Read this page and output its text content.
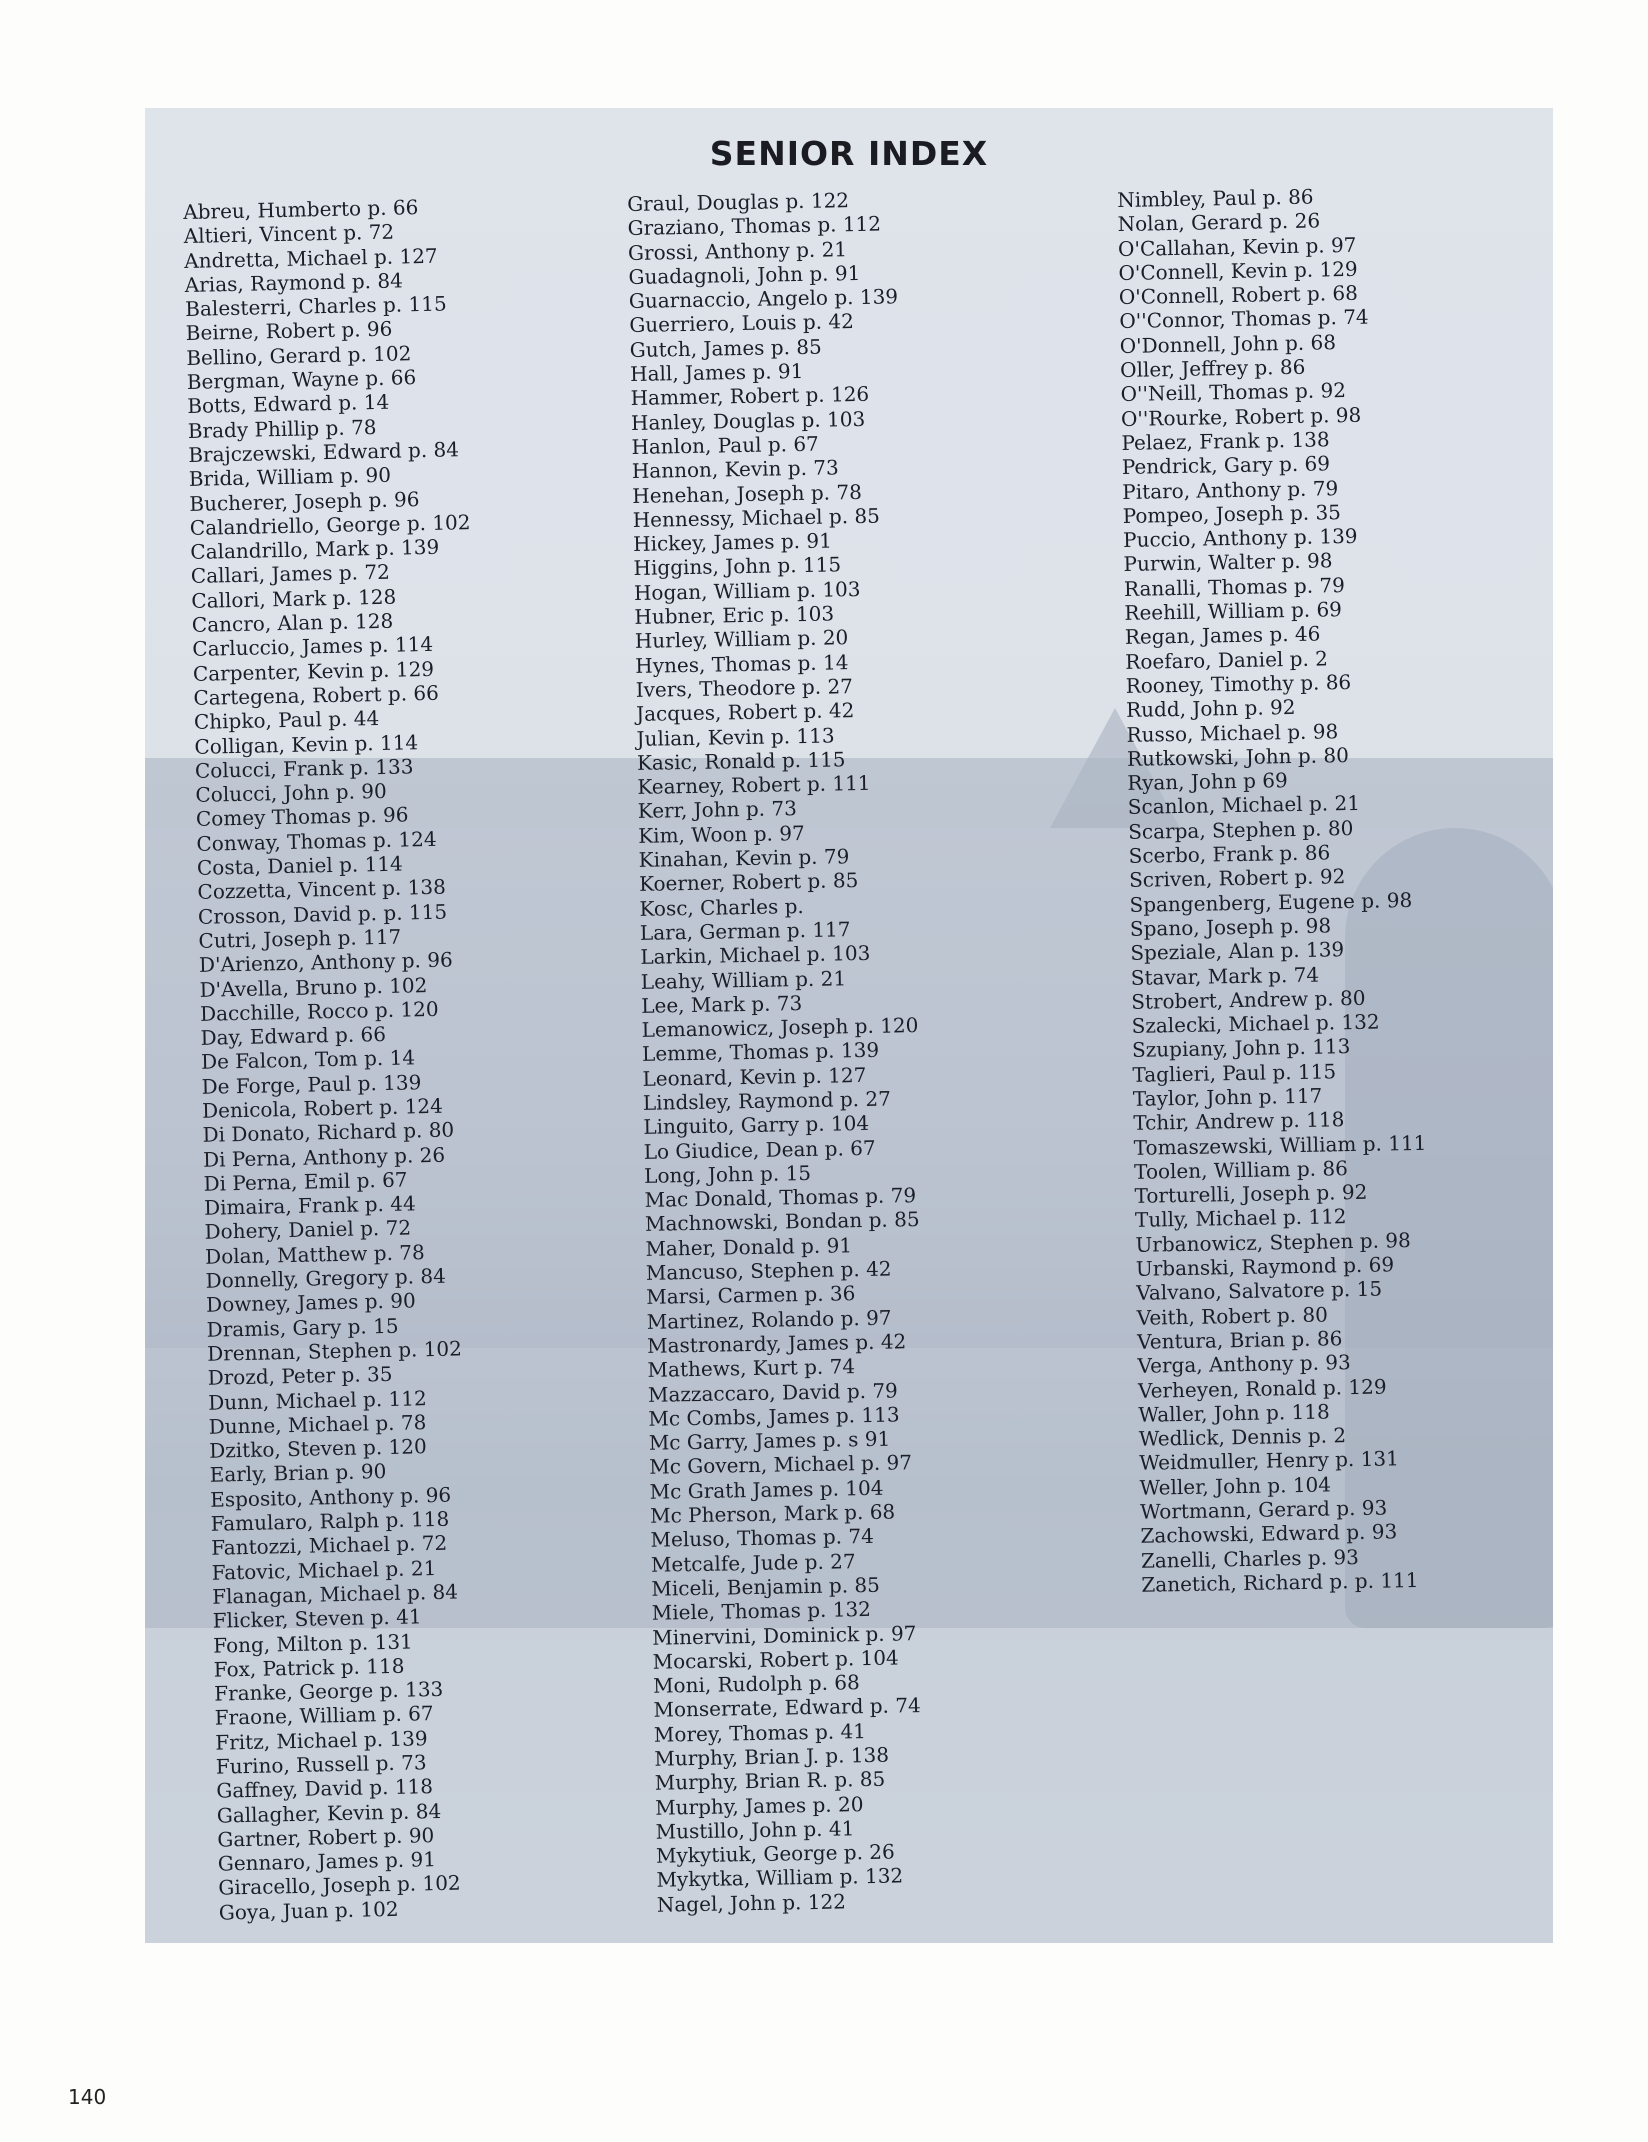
SENIOR INDEX
Abreu, Humberto p. 66
Altieri, Vincent p. 72
Andretta, Michael p. 127
Arias, Raymond p. 84
Balesterri, Charles p. 115
Beirne, Robert p. 96
Bellino, Gerard p. 102
Bergman, Wayne p. 66
Botts, Edward p. 14
Brady Phillip p. 78
Brajczewski, Edward p. 84
Brida, William p. 90
Bucherer, Joseph p. 96
Calandriello, George p. 102
Calandrillo, Mark p. 139
Callari, James p. 72
Callori, Mark p. 128
Cancro, Alan p. 128
Carluccio, James p. 114
Carpenter, Kevin p. 129
Cartegena, Robert p. 66
Chipko, Paul p. 44
Colligan, Kevin p. 114
Colucci, Frank p. 133
Colucci, John p. 90
Comey Thomas p. 96
Conway, Thomas p. 124
Costa, Daniel p. 114
Cozzetta, Vincent p. 138
Crosson, David p. p. 115
Cutri, Joseph p. 117
D'Arienzo, Anthony p. 96
D'Avella, Bruno p. 102
Dacchille, Rocco p. 120
Day, Edward p. 66
De Falcon, Tom p. 14
De Forge, Paul p. 139
Denicola, Robert p. 124
Di Donato, Richard p. 80
Di Perna, Anthony p. 26
Di Perna, Emil p. 67
Dimaira, Frank p. 44
Dohery, Daniel p. 72
Dolan, Matthew p. 78
Donnelly, Gregory p. 84
Downey, James p. 90
Dramis, Gary p. 15
Drennan, Stephen p. 102
Drozd, Peter p. 35
Dunn, Michael p. 112
Dunne, Michael p. 78
Dzitko, Steven p. 120
Early, Brian p. 90
Esposito, Anthony p. 96
Famularo, Ralph p. 118
Fantozzi, Michael p. 72
Fatovic, Michael p. 21
Flanagan, Michael p. 84
Flicker, Steven p. 41
Fong, Milton p. 131
Fox, Patrick p. 118
Franke, George p. 133
Fraone, William p. 67
Fritz, Michael p. 139
Furino, Russell p. 73
Gaffney, David p. 118
Gallagher, Kevin p. 84
Gartner, Robert p. 90
Gennaro, James p. 91
Giracello, Joseph p. 102
Goya, Juan p. 102
Graul, Douglas p. 122
Graziano, Thomas p. 112
Grossi, Anthony p. 21
Guadagnoli, John p. 91
Guarnaccio, Angelo p. 139
Guerriero, Louis p. 42
Gutch, James p. 85
Hall, James p. 91
Hammer, Robert p. 126
Hanley, Douglas p. 103
Hanlon, Paul p. 67
Hannon, Kevin p. 73
Henehan, Joseph p. 78
Hennessy, Michael p. 85
Hickey, James p. 91
Higgins, John p. 115
Hogan, William p. 103
Hubner, Eric p. 103
Hurley, William p. 20
Hynes, Thomas p. 14
Ivers, Theodore p. 27
Jacques, Robert p. 42
Julian, Kevin p. 113
Kasic, Ronald p. 115
Kearney, Robert p. 111
Kerr, John p. 73
Kim, Woon p. 97
Kinahan, Kevin p. 79
Koerner, Robert p. 85
Kosc, Charles p.
Lara, German p. 117
Larkin, Michael p. 103
Leahy, William p. 21
Lee, Mark p. 73
Lemanowicz, Joseph p. 120
Lemme, Thomas p. 139
Leonard, Kevin p. 127
Lindsley, Raymond p. 27
Linguito, Garry p. 104
Lo Giudice, Dean p. 67
Long, John p. 15
Mac Donald, Thomas p. 79
Machnowski, Bondan p. 85
Maher, Donald p. 91
Mancuso, Stephen p. 42
Marsi, Carmen p. 36
Martinez, Rolando p. 97
Mastronardy, James p. 42
Mathews, Kurt p. 74
Mazzaccaro, David p. 79
Mc Combs, James p. 113
Mc Garry, James p. s 91
Mc Govern, Michael p. 97
Mc Grath James p. 104
Mc Pherson, Mark p. 68
Meluso, Thomas p. 74
Metcalfe, Jude p. 27
Miceli, Benjamin p. 85
Miele, Thomas p. 132
Minervini, Dominick p. 97
Mocarski, Robert p. 104
Moni, Rudolph p. 68
Monserrate, Edward p. 74
Morey, Thomas p. 41
Murphy, Brian J. p. 138
Murphy, Brian R. p. 85
Murphy, James p. 20
Mustillo, John p. 41
Mykytiuk, George p. 26
Mykytka, William p. 132
Nagel, John p. 122
Nimbley, Paul p. 86
Nolan, Gerard p. 26
O'Callahan, Kevin p. 97
O'Connell, Kevin p. 129
O'Connell, Robert p. 68
O''Connor, Thomas p. 74
O'Donnell, John p. 68
Oller, Jeffrey p. 86
O''Neill, Thomas p. 92
O''Rourke, Robert p. 98
Pelaez, Frank p. 138
Pendrick, Gary p. 69
Pitaro, Anthony p. 79
Pompeo, Joseph p. 35
Puccio, Anthony p. 139
Purwin, Walter p. 98
Ranalli, Thomas p. 79
Reehill, William p. 69
Regan, James p. 46
Roefaro, Daniel p. 2
Rooney, Timothy p. 86
Rudd, John p. 92
Russo, Michael p. 98
Rutkowski, John p. 80
Ryan, John p 69
Scanlon, Michael p. 21
Scarpa, Stephen p. 80
Scerbo, Frank p. 86
Scriven, Robert p. 92
Spangenberg, Eugene p. 98
Spano, Joseph p. 98
Speziale, Alan p. 139
Stavar, Mark p. 74
Strobert, Andrew p. 80
Szalecki, Michael p. 132
Szupiany, John p. 113
Taglieri, Paul p. 115
Taylor, John p. 117
Tchir, Andrew p. 118
Tomaszewski, William p. 111
Toolen, William p. 86
Torturelli, Joseph p. 92
Tully, Michael p. 112
Urbanowicz, Stephen p. 98
Urbanski, Raymond p. 69
Valvano, Salvatore p. 15
Veith, Robert p. 80
Ventura, Brian p. 86
Verga, Anthony p. 93
Verheyen, Ronald p. 129
Waller, John p. 118
Wedlick, Dennis p. 2
Weidmuller, Henry p. 131
Weller, John p. 104
Wortmann, Gerard p. 93
Zachowski, Edward p. 93
Zanelli, Charles p. 93
Zanetich, Richard p. p. 111
140
